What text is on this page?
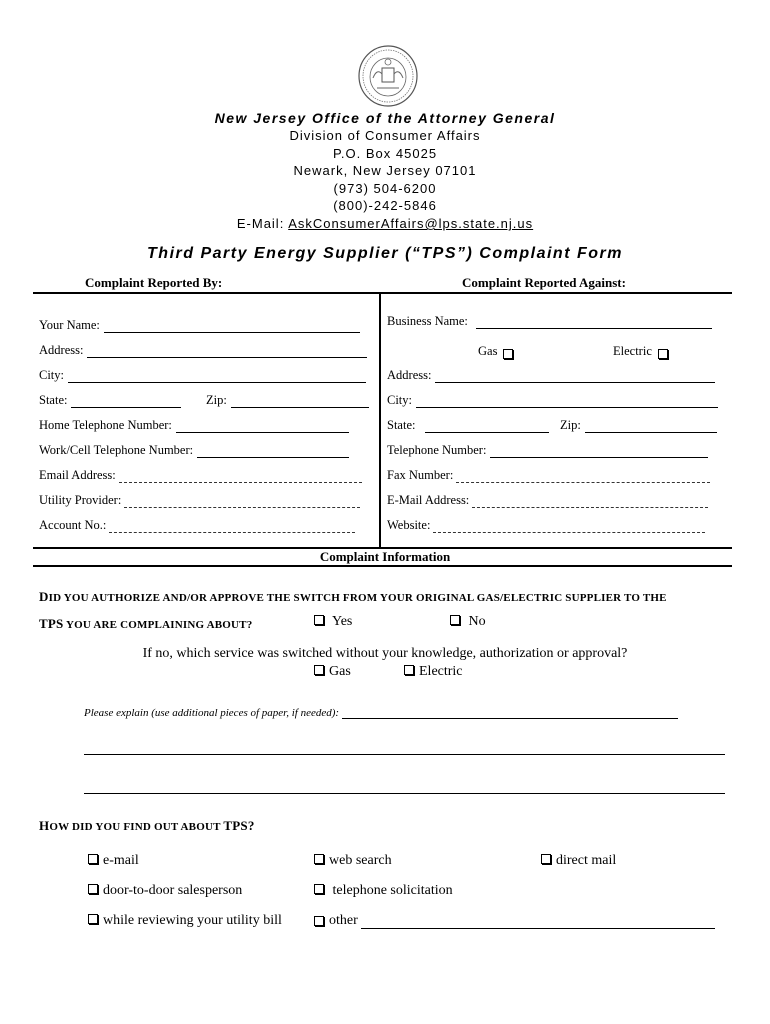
New Jersey Office of the Attorney General
Division of Consumer Affairs
P.O. Box 45025
Newark, New Jersey 07101
(973) 504-6200
(800)-242-5846
E-Mail: AskConsumerAffairs@lps.state.nj.us
Third Party Energy Supplier (“TPS”) Complaint Form
Complaint Reported By:	Complaint Reported Against:
Your Name:
Address:
City:
State:	Zip:
Home Telephone Number:
Work/Cell Telephone Number:
Email Address:
Utility Provider:
Account No.:
Business Name:
Gas	Electric
Address:
City:
State:	Zip:
Telephone Number:
Fax Number:
E-Mail Address:
Website:
Complaint Information
DID YOU AUTHORIZE AND/OR APPROVE THE SWITCH FROM YOUR ORIGINAL GAS/ELECTRIC SUPPLIER TO THE
TPS YOU ARE COMPLAINING ABOUT?	Yes	No
If no, which service was switched without your knowledge, authorization or approval?
Gas	Electric
Please explain (use additional pieces of paper, if needed):
HOW DID YOU FIND OUT ABOUT TPS?
e-mail	web search	direct mail
door-to-door salesperson	telephone solicitation
while reviewing your utility bill	other
